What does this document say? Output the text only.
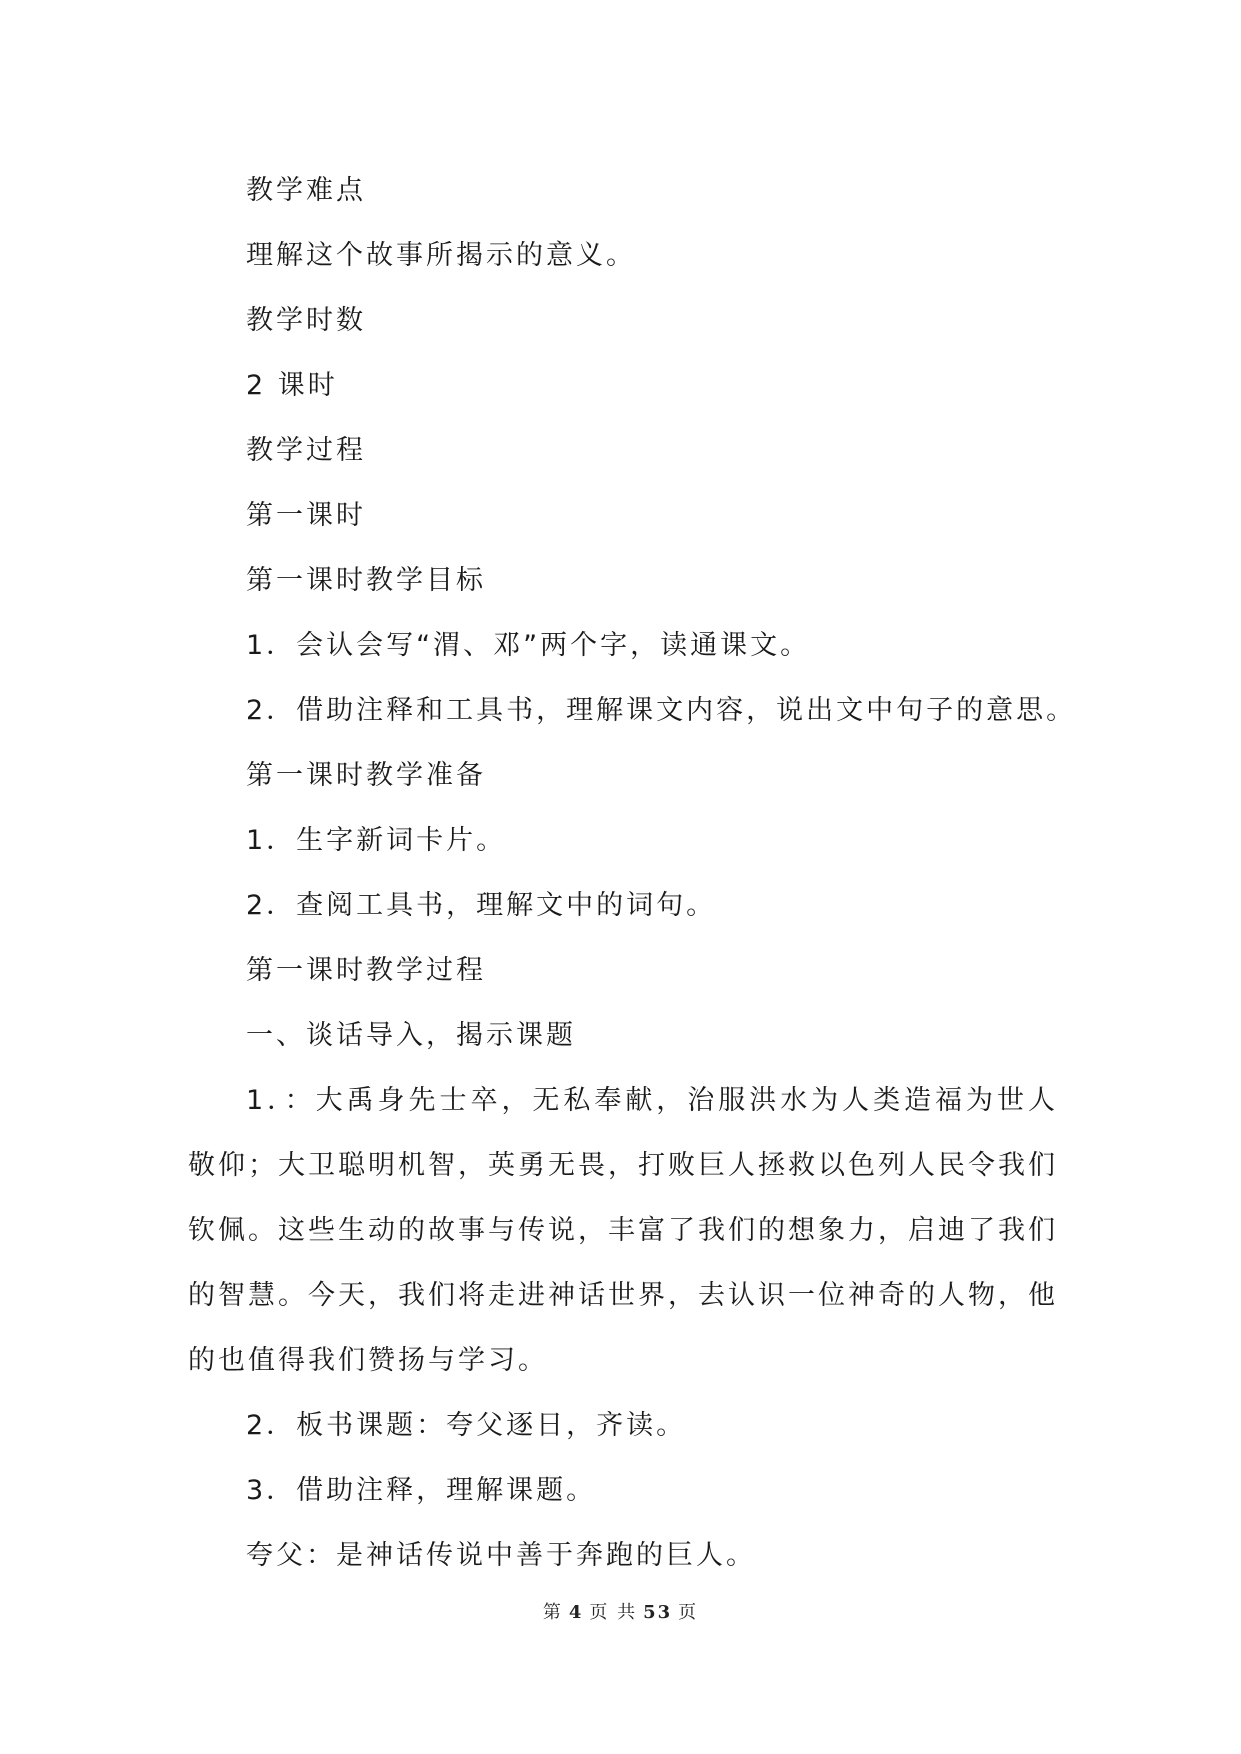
教学难点
理解这个故事所揭示的意义。
教学时数
2 课时
教学过程
第一课时
第一课时教学目标
1．会认会写“渭、邓”两个字，读通课文。
2．借助注释和工具书，理解课文内容，说出文中句子的意思。
第一课时教学准备
1．生字新词卡片。
2．查阅工具书，理解文中的词句。
第一课时教学过程
一、谈话导入，揭示课题
1．：大禹身先士卒，无私奉献，治服洪水为人类造福为世人敬仰；大卫聪明机智，英勇无畏，打败巨人拯救以色列人民令我们钦佩。这些生动的故事与传说，丰富了我们的想象力，启迪了我们的智慧。今天，我们将走进神话世界，去认识一位神奇的人物，他的也值得我们赞扬与学习。
2．板书课题：夸父逐日，齐读。
3．借助注释，理解课题。
夸父：是神话传说中善于奔跑的巨人。
第 4 页 共 53 页
